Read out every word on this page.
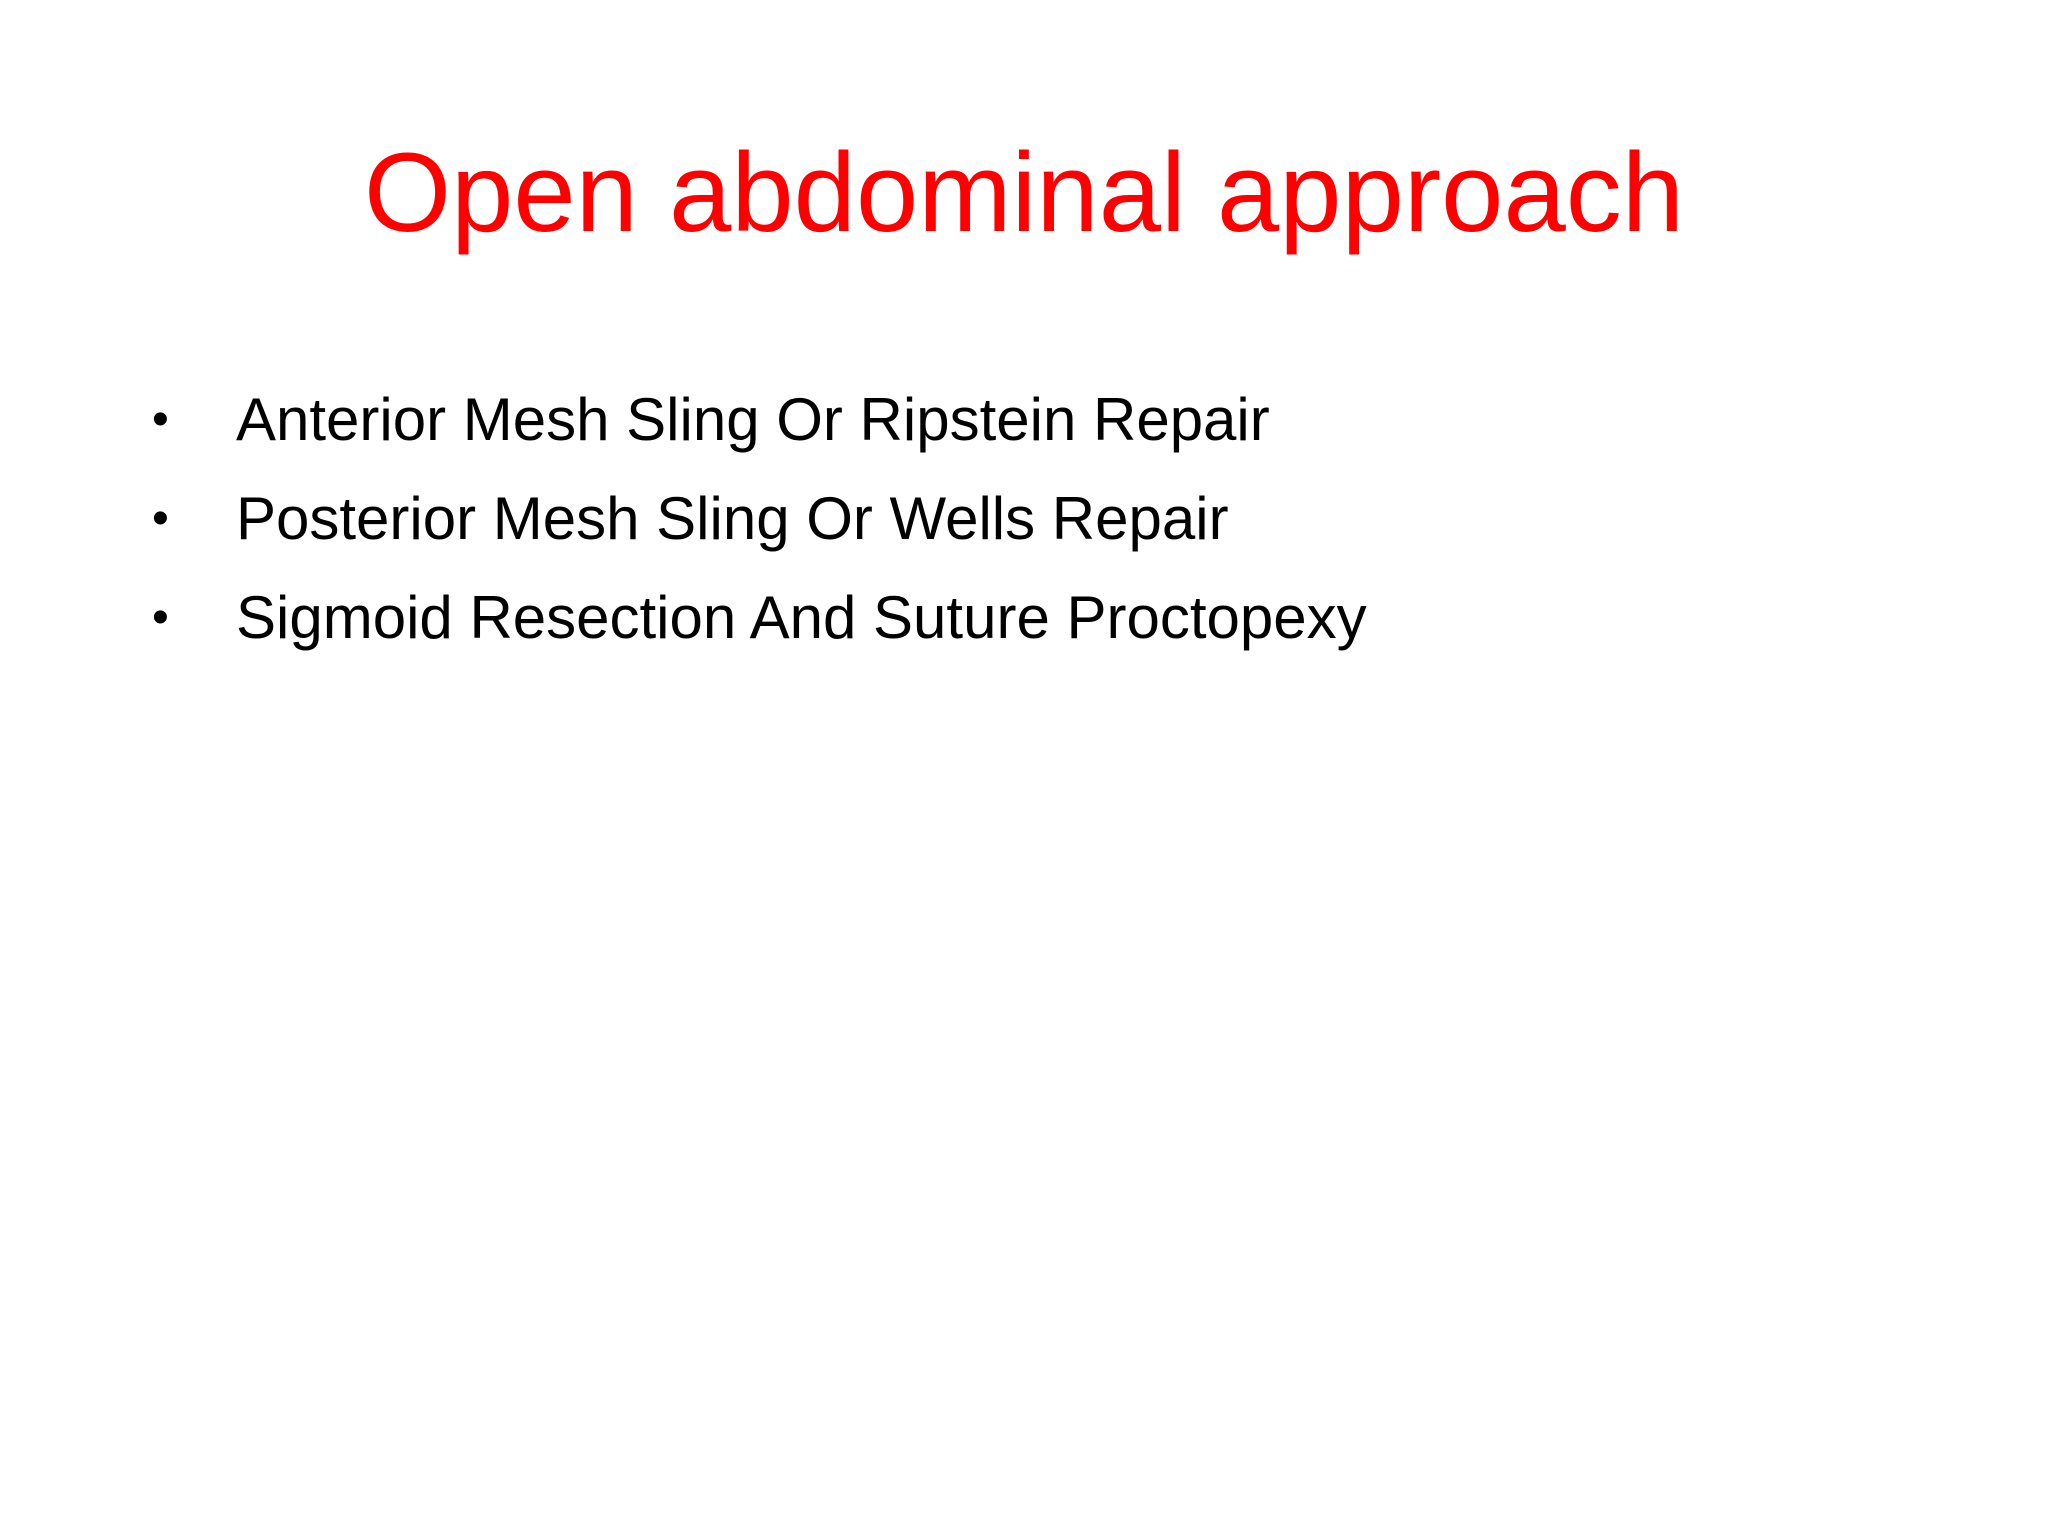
Open abdominal approach
•	Anterior Mesh Sling Or Ripstein Repair
•	Posterior Mesh Sling Or Wells Repair
•	Sigmoid Resection And Suture Proctopexy
